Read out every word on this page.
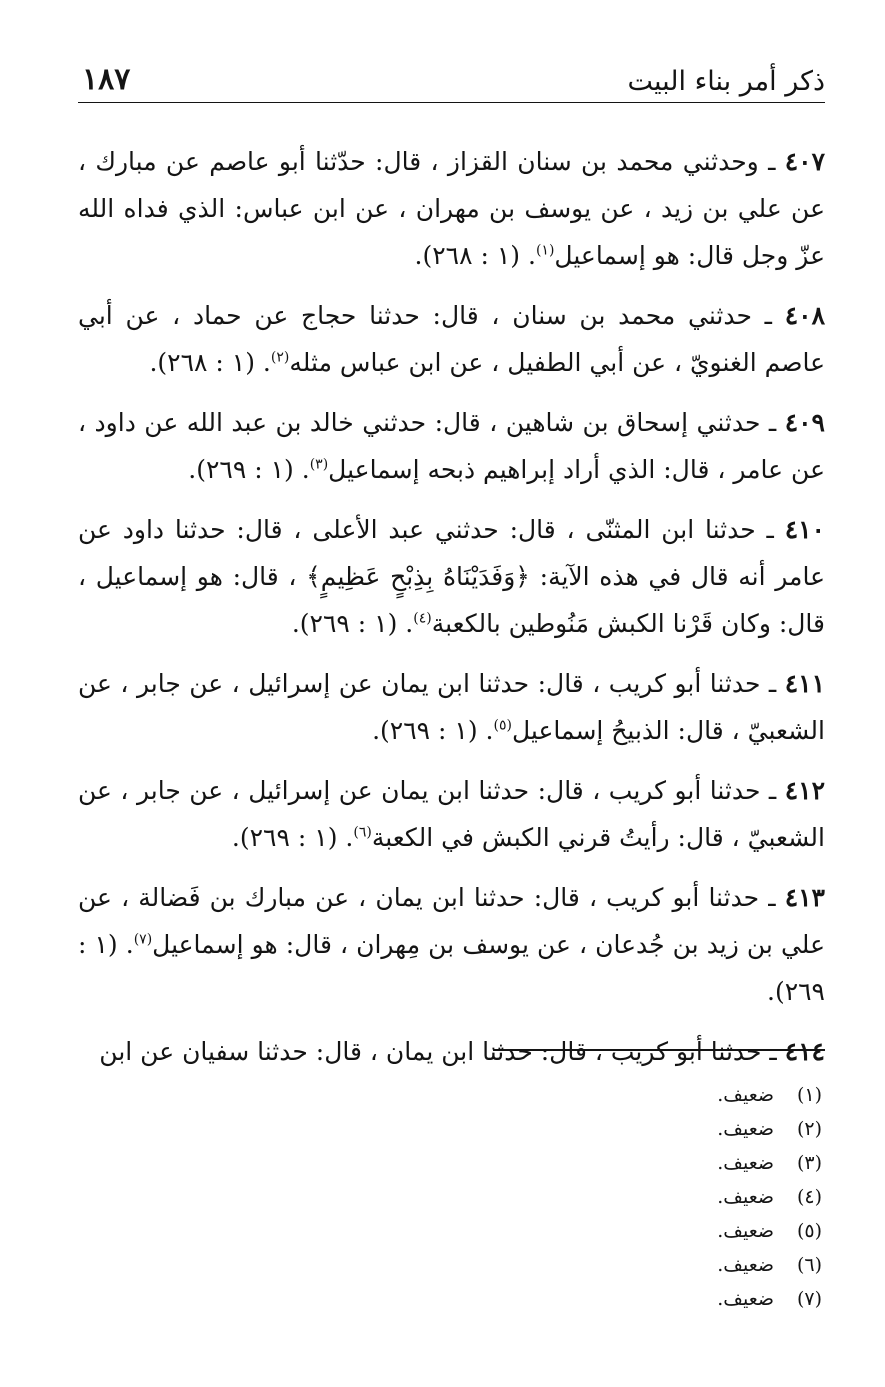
ذكر أمر بناء البيت
١٨٧

٤٠٧ ـ وحدثني محمد بن سنان القزاز ، قال: حدّثنا أبو عاصم عن مبارك ، عن علي بن زيد ، عن يوسف بن مهران ، عن ابن عباس: الذي فداه الله عزّ وجل قال: هو إسماعيل$^{(١)}$. (١ : ٢٦٨).

٤٠٨ ـ حدثني محمد بن سنان ، قال: حدثنا حجاج عن حماد ، عن أبي عاصم الغنويّ ، عن أبي الطفيل ، عن ابن عباس مثله$^{(٢)}$. (١ : ٢٦٨).

٤٠٩ ـ حدثني إسحاق بن شاهين ، قال: حدثني خالد بن عبد الله عن داود ، عن عامر ، قال: الذي أراد إبراهيم ذبحه إسماعيل$^{(٣)}$. (١ : ٢٦٩).

٤١٠ ـ حدثنا ابن المثنّى ، قال: حدثني عبد الأعلى ، قال: حدثنا داود عن عامر أنه قال في هذه الآية: ﴿وَفَدَيْنَاهُ بِذِبْحٍ عَظِيمٍ﴾ ، قال: هو إسماعيل ، قال: وكان قَرْنا الكبش مَنُوطين بالكعبة$^{(٤)}$. (١ : ٢٦٩).

٤١١ ـ حدثنا أبو كريب ، قال: حدثنا ابن يمان عن إسرائيل ، عن جابر ، عن الشعبيّ ، قال: الذبيحُ إسماعيل$^{(٥)}$. (١ : ٢٦٩).

٤١٢ ـ حدثنا أبو كريب ، قال: حدثنا ابن يمان عن إسرائيل ، عن جابر ، عن الشعبيّ ، قال: رأيتُ قرني الكبش في الكعبة$^{(٦)}$. (١ : ٢٦٩).

٤١٣ ـ حدثنا أبو كريب ، قال: حدثنا ابن يمان ، عن مبارك بن فَضالة ، عن علي بن زيد بن جُدعان ، عن يوسف بن مِهران ، قال: هو إسماعيل$^{(٧)}$. (١ : ٢٦٩).

٤١٤ ـ حدثنا أبو كريب ، قال: حدثنا ابن يمان ، قال: حدثنا سفيان عن ابن

(١)ضعيف.
(٢)ضعيف.
(٣)ضعيف.
(٤)ضعيف.
(٥)ضعيف.
(٦)ضعيف.
(٧)ضعيف.
